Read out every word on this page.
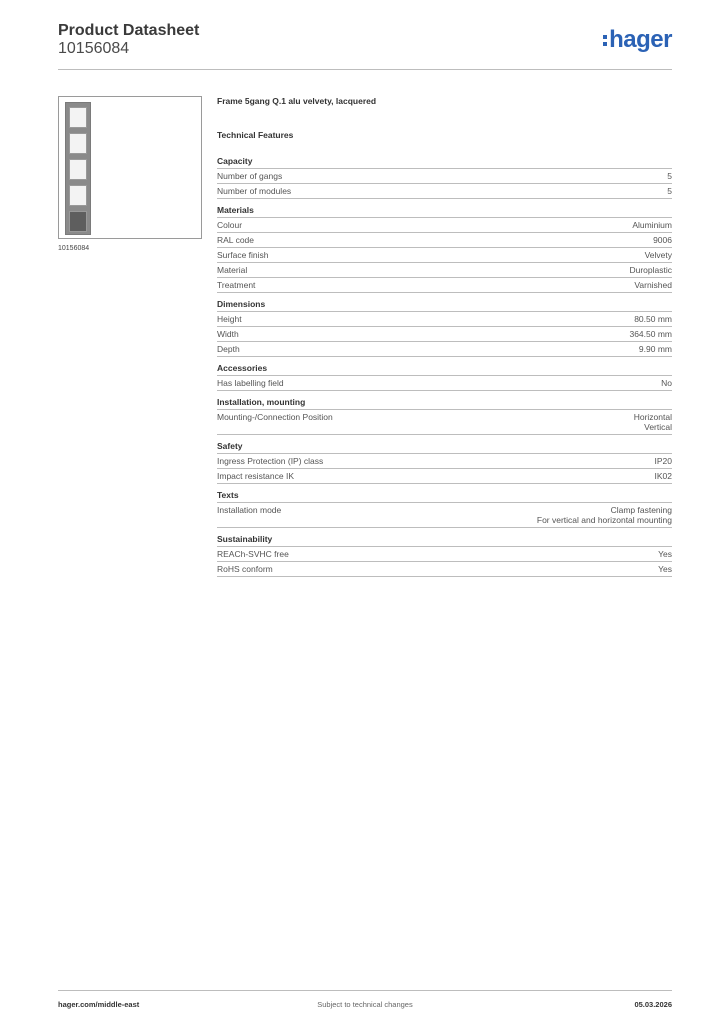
Product Datasheet
10156084	hager
10156084
Frame 5gang Q.1 alu velvety, lacquered
Technical Features
Capacity
Number of gangs	5
Number of modules	5
Materials
Colour	Aluminium
RAL code	9006
Surface finish	Velvety
Material	Duroplastic
Treatment	Varnished
Dimensions
Height	80.50 mm
Width	364.50 mm
Depth	9.90 mm
Accessories
Has labelling field	No
Installation, mounting
Mounting-/Connection Position	Horizontal
Vertical
Safety
Ingress Protection (IP) class	IP20
Impact resistance IK	IK02
Texts
Installation mode	Clamp fastening
For vertical and horizontal mounting
Sustainability
REACh-SVHC free	Yes
RoHS conform	Yes
hager.com/middle-east	Subject to technical changes	05.03.2026
